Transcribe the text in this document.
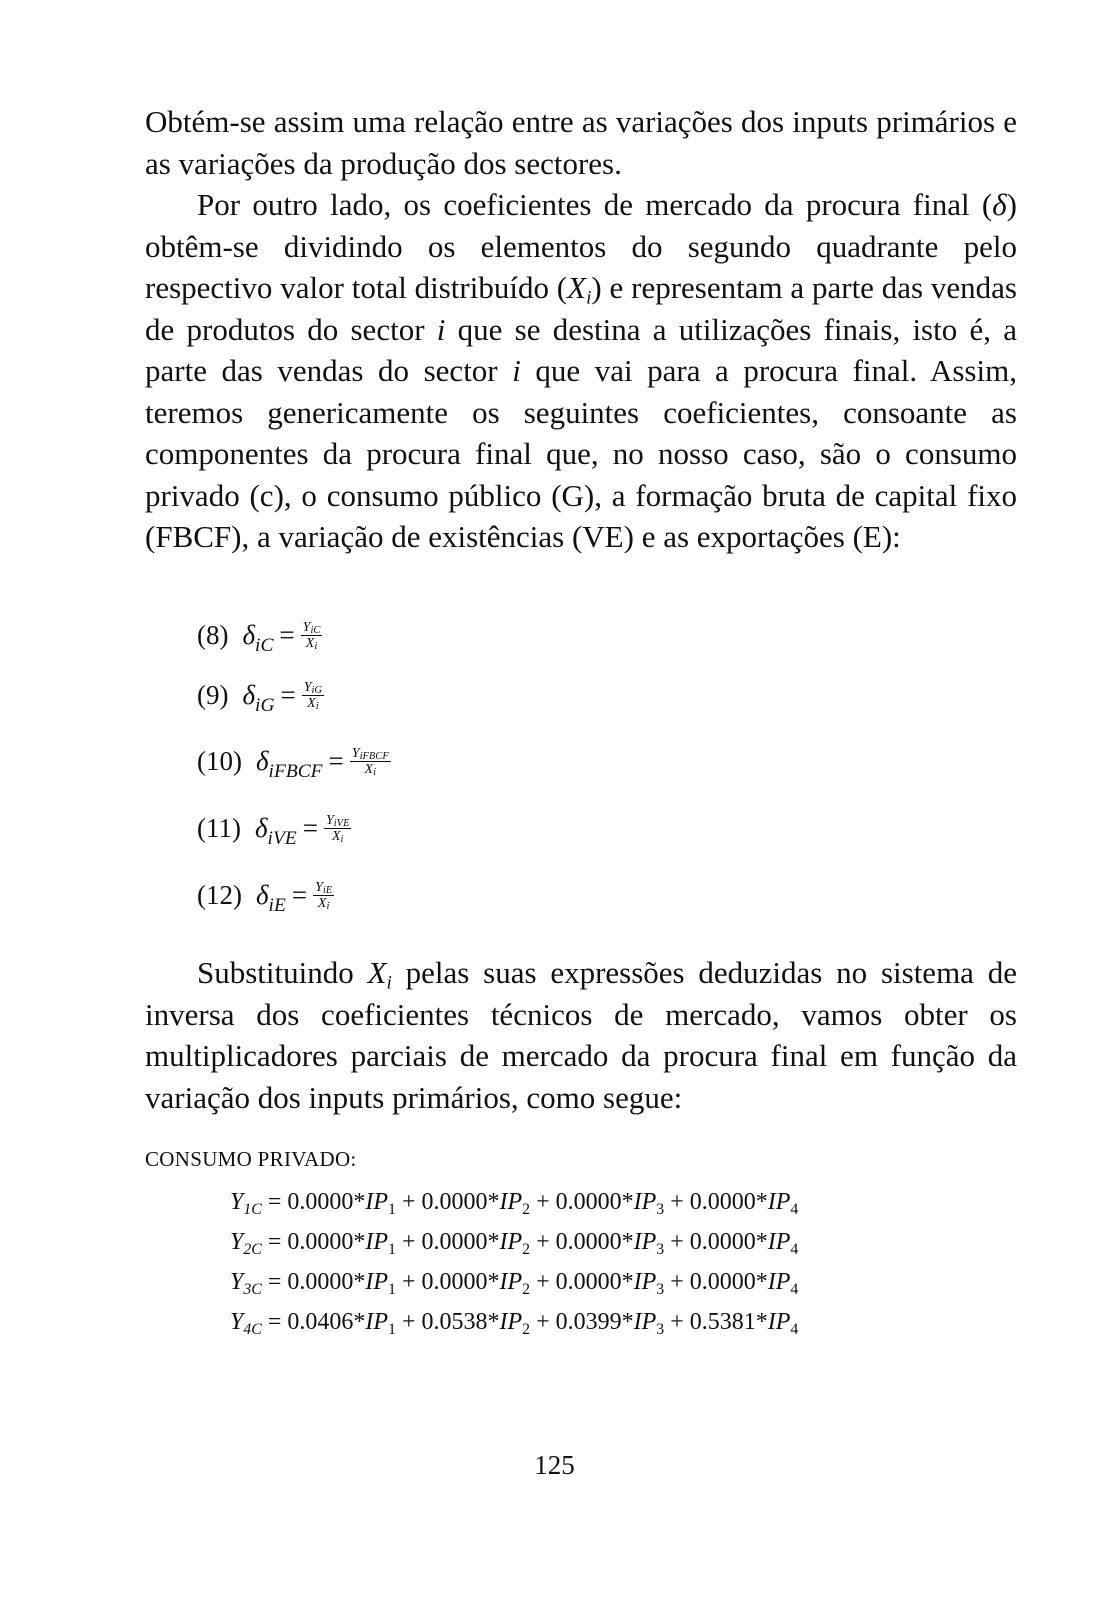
Obtém-se assim uma relação entre as variações dos inputs primários e as variações da produção dos sectores.

Por outro lado, os coeficientes de mercado da procura final (δ) obtêm-se dividindo os elementos do segundo quadrante pelo respectivo valor total distribuído $(X_i)$ e representam a parte das vendas de produtos do sector i que se destina a utilizações finais, isto é, a parte das vendas do sector i que vai para a procura final. Assim, teremos genericamente os seguintes coeficientes, consoante as componentes da procura final que, no nosso caso, são o consumo privado (c), o consumo público (G), a formação bruta de capital fixo (FBCF), a variação de existências (VE) e as exportações (E):

(8) $\delta_{iC} = \frac{Y_{iC}}{X_i}$
(9) $\delta_{iG} = \frac{Y_{iG}}{X_i}$
(10) $\delta_{iFBCF} = \frac{Y_{iFBCF}}{X_i}$
(11) $\delta_{iVE} = \frac{Y_{iVE}}{X_i}$
(12) $\delta_{iE} = \frac{Y_{iE}}{X_i}$

Substituindo $X_i$ pelas suas expressões deduzidas no sistema de inversa dos coeficientes técnicos de mercado, vamos obter os multiplicadores parciais de mercado da procura final em função da variação dos inputs primários, como segue:

CONSUMO PRIVADO:
$Y_{1C} = 0.0000*IP_1 + 0.0000*IP_2 + 0.0000*IP_3 + 0.0000*IP_4$
$Y_{2C} = 0.0000*IP_1 + 0.0000*IP_2 + 0.0000*IP_3 + 0.0000*IP_4$
$Y_{3C} = 0.0000*IP_1 + 0.0000*IP_2 + 0.0000*IP_3 + 0.0000*IP_4$
$Y_{4C} = 0.0406*IP_1 + 0.0538*IP_2 + 0.0399*IP_3 + 0.5381*IP_4$
125
